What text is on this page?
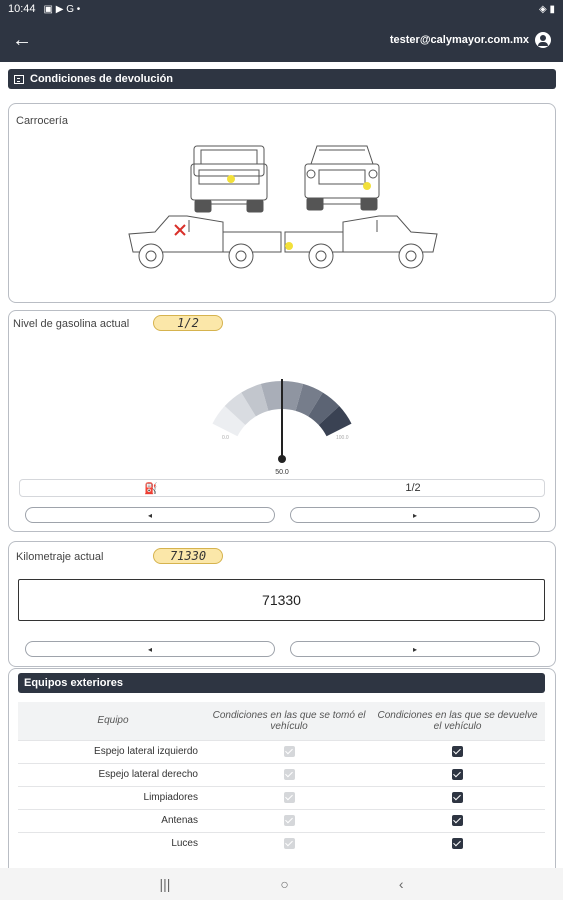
10:44 ▣ ▶ G •	◈ ▮
←	tester@calymayor.com.mx
Condiciones de devolución
Carrocería
Nivel de gasolina actual	1/2
0.0	100.0
50.0
⛽	1/2
◂	▸
Kilometraje actual	71330
◂	▸
71330
Equipos exteriores
Equipo	Condiciones en las que se tomó el vehículo	Condiciones en las que se devuelve el vehículo
Espejo lateral izquierdo		
Espejo lateral derecho		
Limpiadores		
Antenas		
Luces		
|||	○	‹
